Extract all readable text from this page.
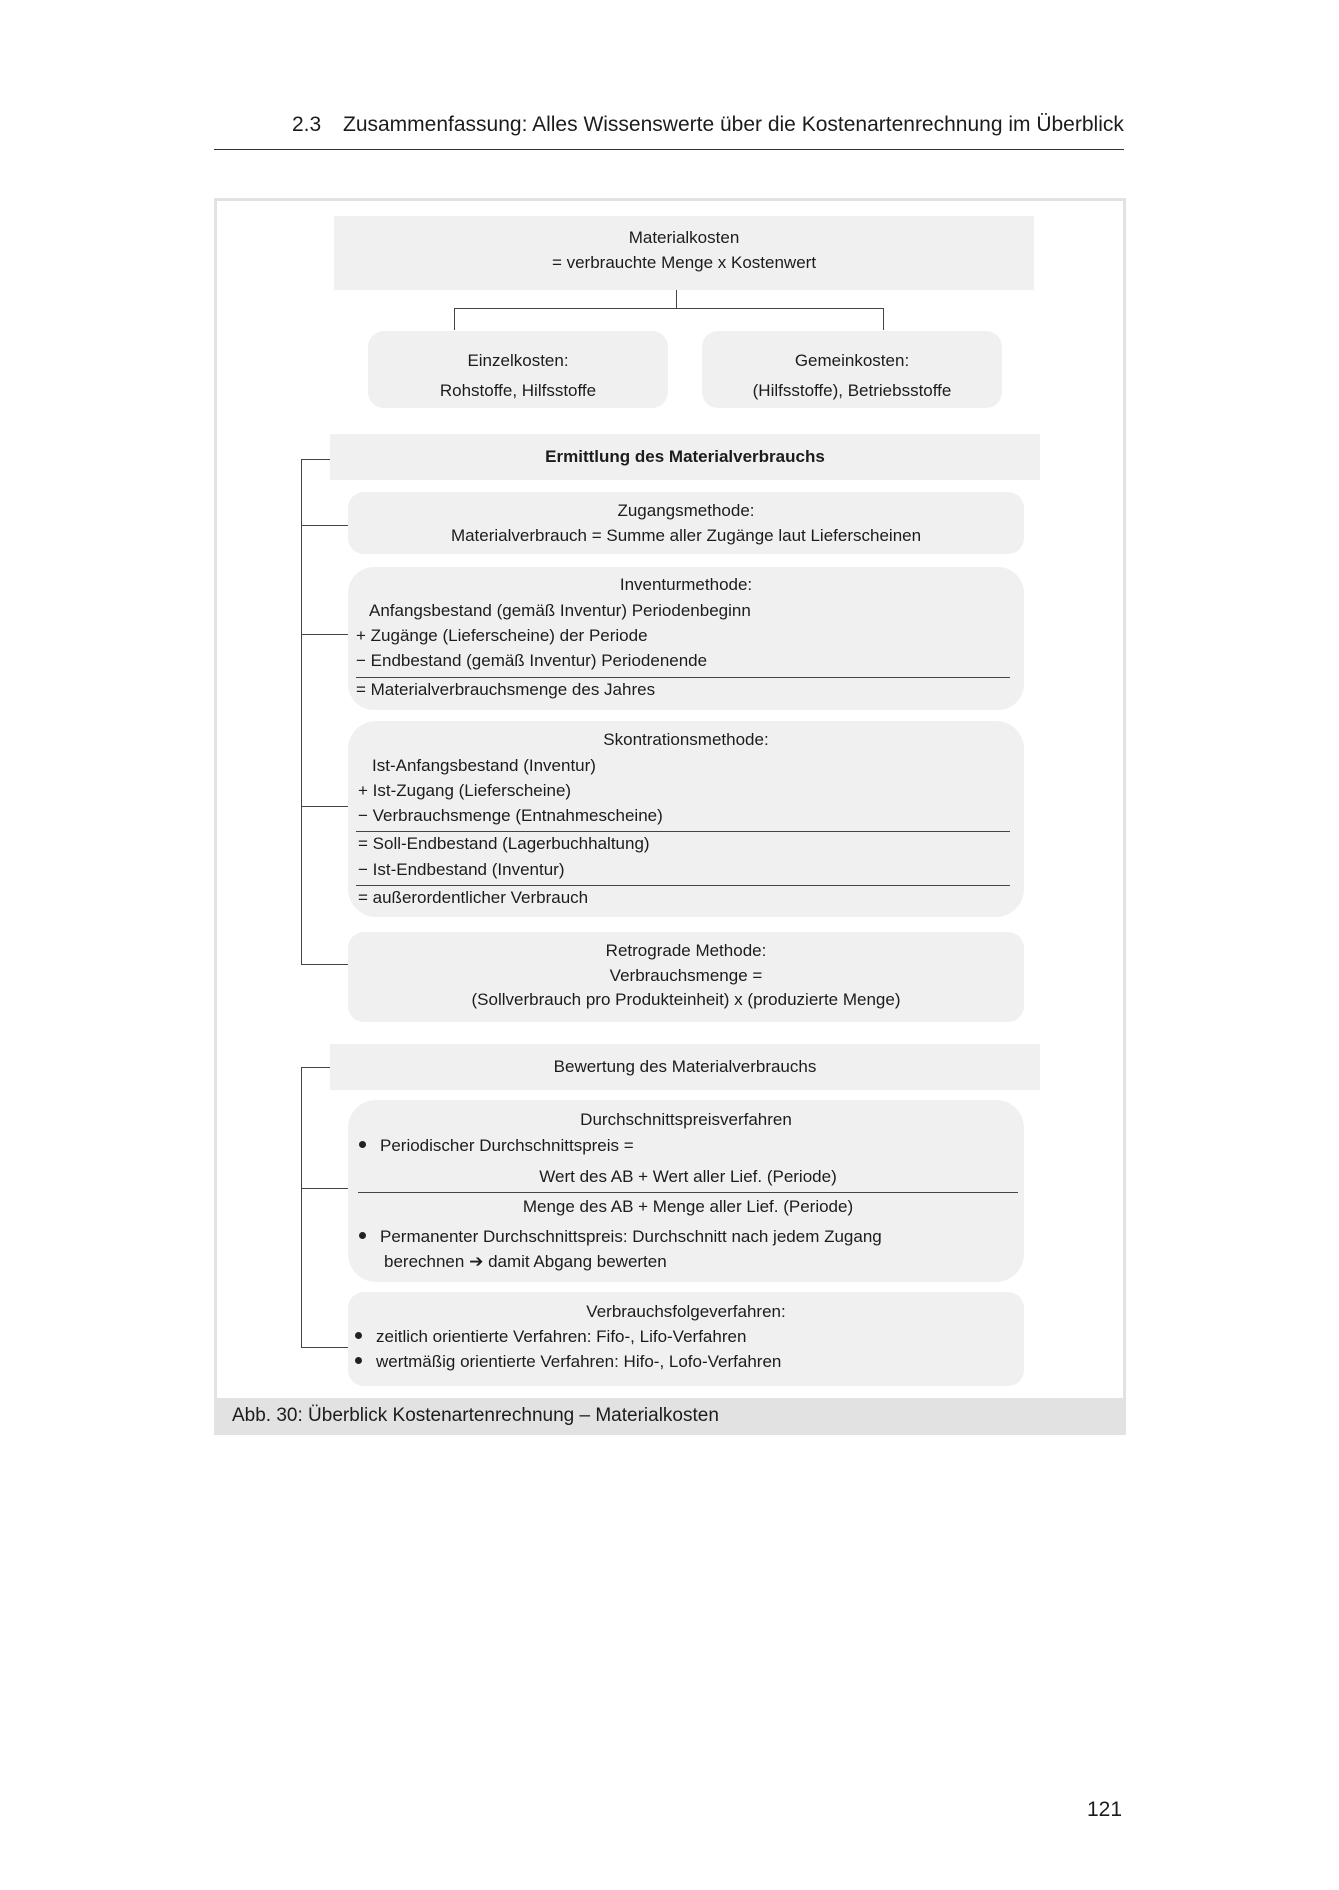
2.3 Zusammenfassung: Alles Wissenswerte über die Kostenartenrechnung im Überblick
Materialkosten
= verbrauchte Menge x Kostenwert
Einzelkosten:
Rohstoffe, Hilfsstoffe
Gemeinkosten:
(Hilfsstoffe), Betriebsstoffe
Ermittlung des Materialverbrauchs
Zugangsmethode:
Materialverbrauch = Summe aller Zugänge laut Lieferscheinen
Inventurmethode:
Anfangsbestand (gemäß Inventur) Periodenbeginn
+ Zugänge (Lieferscheine) der Periode
− Endbestand (gemäß Inventur) Periodenende
= Materialverbrauchsmenge des Jahres
Skontrationsmethode:
Ist-Anfangsbestand (Inventur)
+ Ist-Zugang (Lieferscheine)
− Verbrauchsmenge (Entnahmescheine)
= Soll-Endbestand (Lagerbuchhaltung)
− Ist-Endbestand (Inventur)
= außerordentlicher Verbrauch
Retrograde Methode:
Verbrauchsmenge =
(Sollverbrauch pro Produkteinheit) x (produzierte Menge)
Bewertung des Materialverbrauchs
Durchschnittspreisverfahren
Periodischer Durchschnittspreis =
Wert des AB + Wert aller Lief. (Periode)
Menge des AB + Menge aller Lief. (Periode)
Permanenter Durchschnittspreis: Durchschnitt nach jedem Zugang
berechnen ➔ damit Abgang bewerten
Verbrauchsfolgeverfahren:
zeitlich orientierte Verfahren: Fifo-, Lifo-Verfahren
wertmäßig orientierte Verfahren: Hifo-, Lofo-Verfahren
Abb. 30: Überblick Kostenartenrechnung – Materialkosten
121
